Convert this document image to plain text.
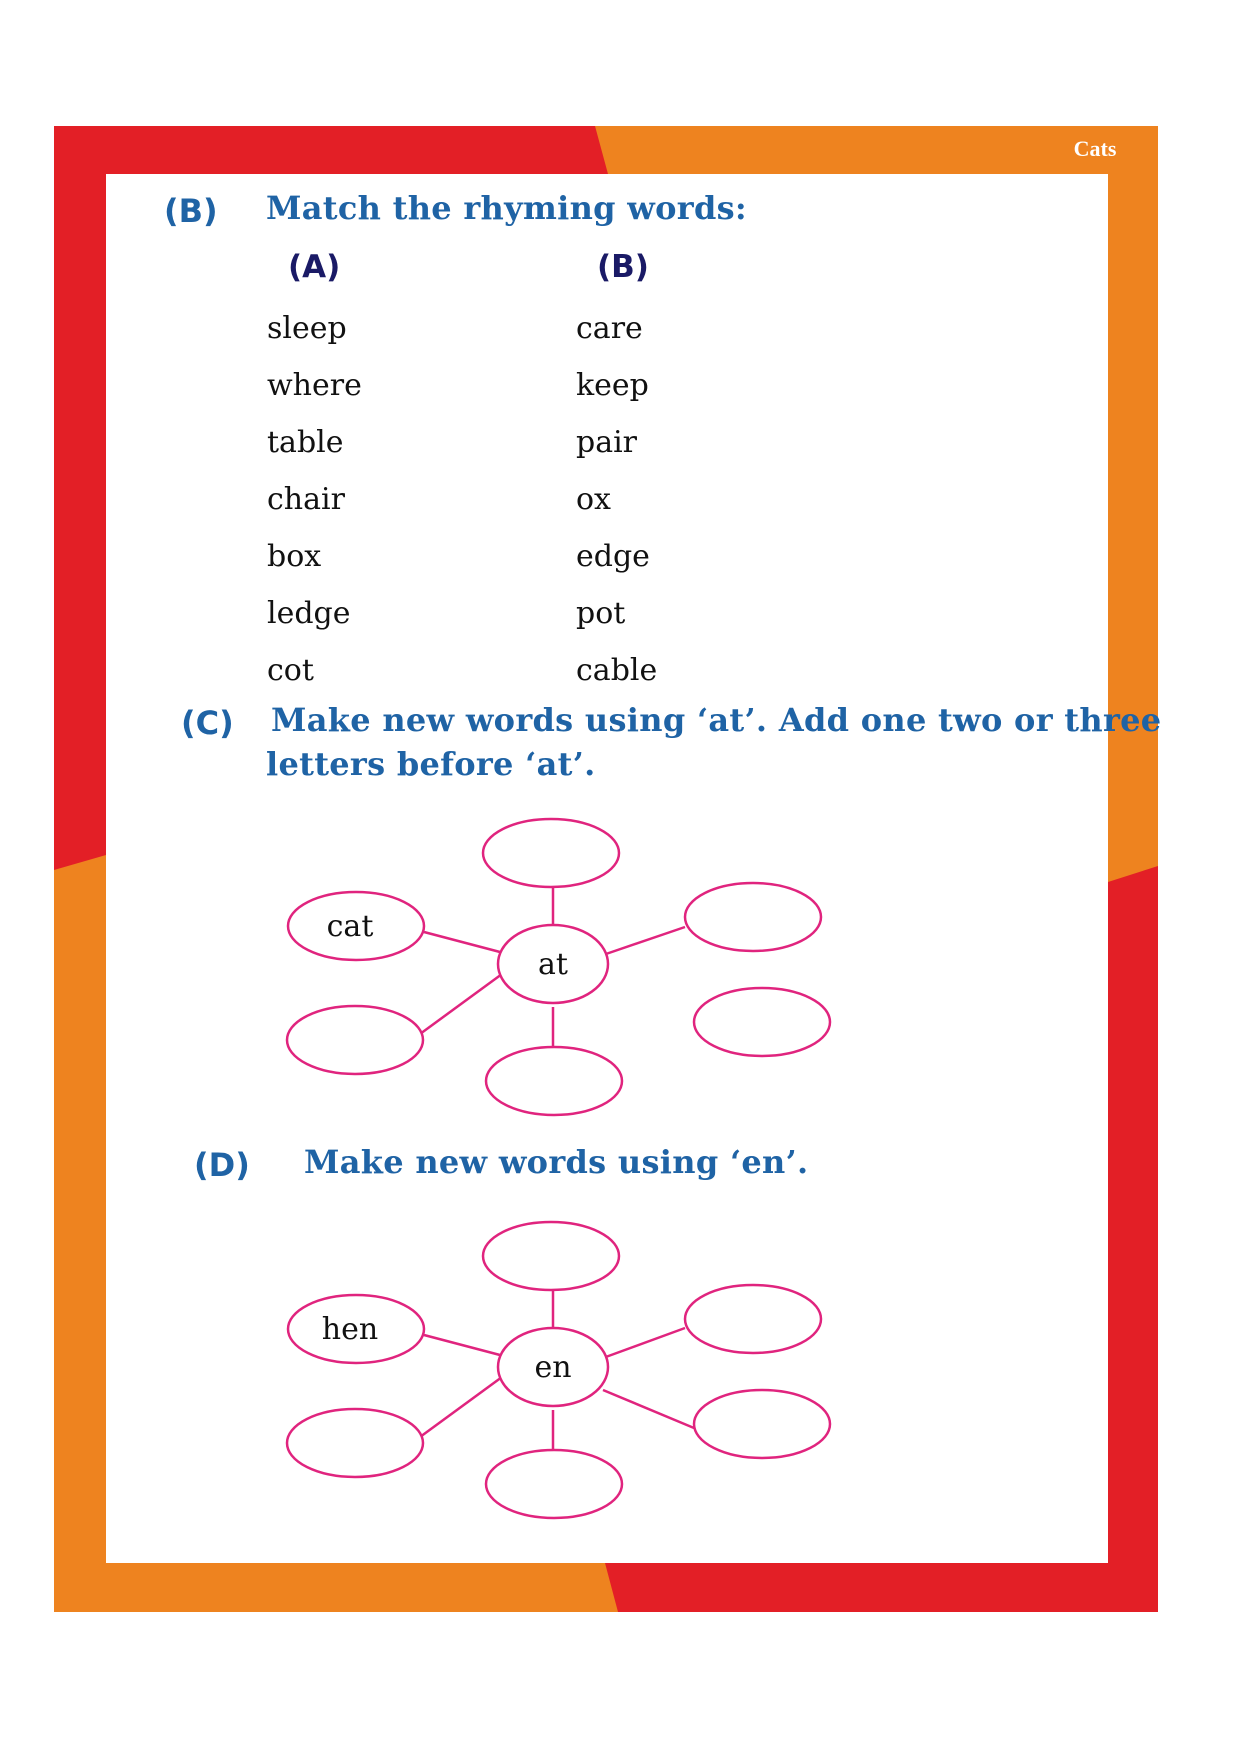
Cats
(B) Match the rhyming words:
(A)	(B)
sleep
where
table
chair
box
ledge
cot
care
keep
pair
ox
edge
pot
cable
(C) Make new words using ‘at’. Add one two or three
letters before ‘at’.
at
cat
(D) Make new words using ‘en’.
en
hen
